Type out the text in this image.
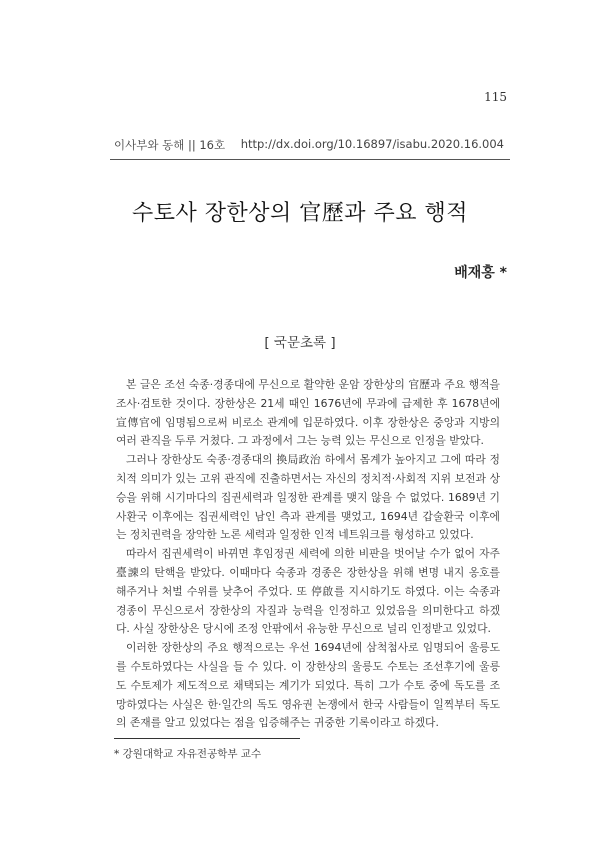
115
이사부와 동해 || 16호 http://dx.doi.org/10.16897/isabu.2020.16.004
수토사 장한상의 官歷과 주요 행적
배재홍 *
[ 국문초록 ]

본 글은 조선 숙종·경종대에 무신으로 활약한 운암 장한상의 官歷과 주요 행적을 조사·검토한 것이다. 장한상은 21세 때인 1676년에 무과에 급제한 후 1678년에 宣傳官에 임명됨으로써 비로소 관계에 입문하였다. 이후 장한상은 중앙과 지방의 여러 관직을 두루 거쳤다. 그 과정에서 그는 능력 있는 무신으로 인정을 받았다.

그러나 장한상도 숙종·경종대의 換局政治 하에서 몸계가 높아지고 그에 따라 정치적 의미가 있는 고위 관직에 진출하면서는 자신의 정치적·사회적 지위 보전과 상승을 위해 시기마다의 집권세력과 일정한 관계를 맺지 않을 수 없었다. 1689년 기사환국 이후에는 집권세력인 남인 측과 관계를 맺었고, 1694년 갑술환국 이후에는 정치권력을 장악한 노론 세력과 일정한 인적 네트워크를 형성하고 있었다.

따라서 집권세력이 바뀌면 후임정권 세력에 의한 비판을 벗어날 수가 없어 자주 臺諫의 탄핵을 받았다. 이때마다 숙종과 경종은 장한상을 위해 변명 내지 옹호를 해주거나 처벌 수위를 낮추어 주었다. 또 停啟를 지시하기도 하였다. 이는 숙종과 경종이 무신으로서 장한상의 자질과 능력을 인정하고 있었음을 의미한다고 하겠다. 사실 장한상은 당시에 조정 안팎에서 유능한 무신으로 널리 인정받고 있었다.

이러한 장한상의 주요 행적으로는 우선 1694년에 삼척첨사로 임명되어 울릉도를 수토하였다는 사실을 들 수 있다. 이 장한상의 울릉도 수토는 조선후기에 울릉도 수토제가 제도적으로 채택되는 계기가 되었다. 특히 그가 수토 중에 독도를 조망하였다는 사실은 한·일간의 독도 영유권 논쟁에서 한국 사람들이 일찍부터 독도의 존재를 알고 있었다는 점을 입증해주는 귀중한 기록이라고 하겠다.

* 강원대학교 자유전공학부 교수
